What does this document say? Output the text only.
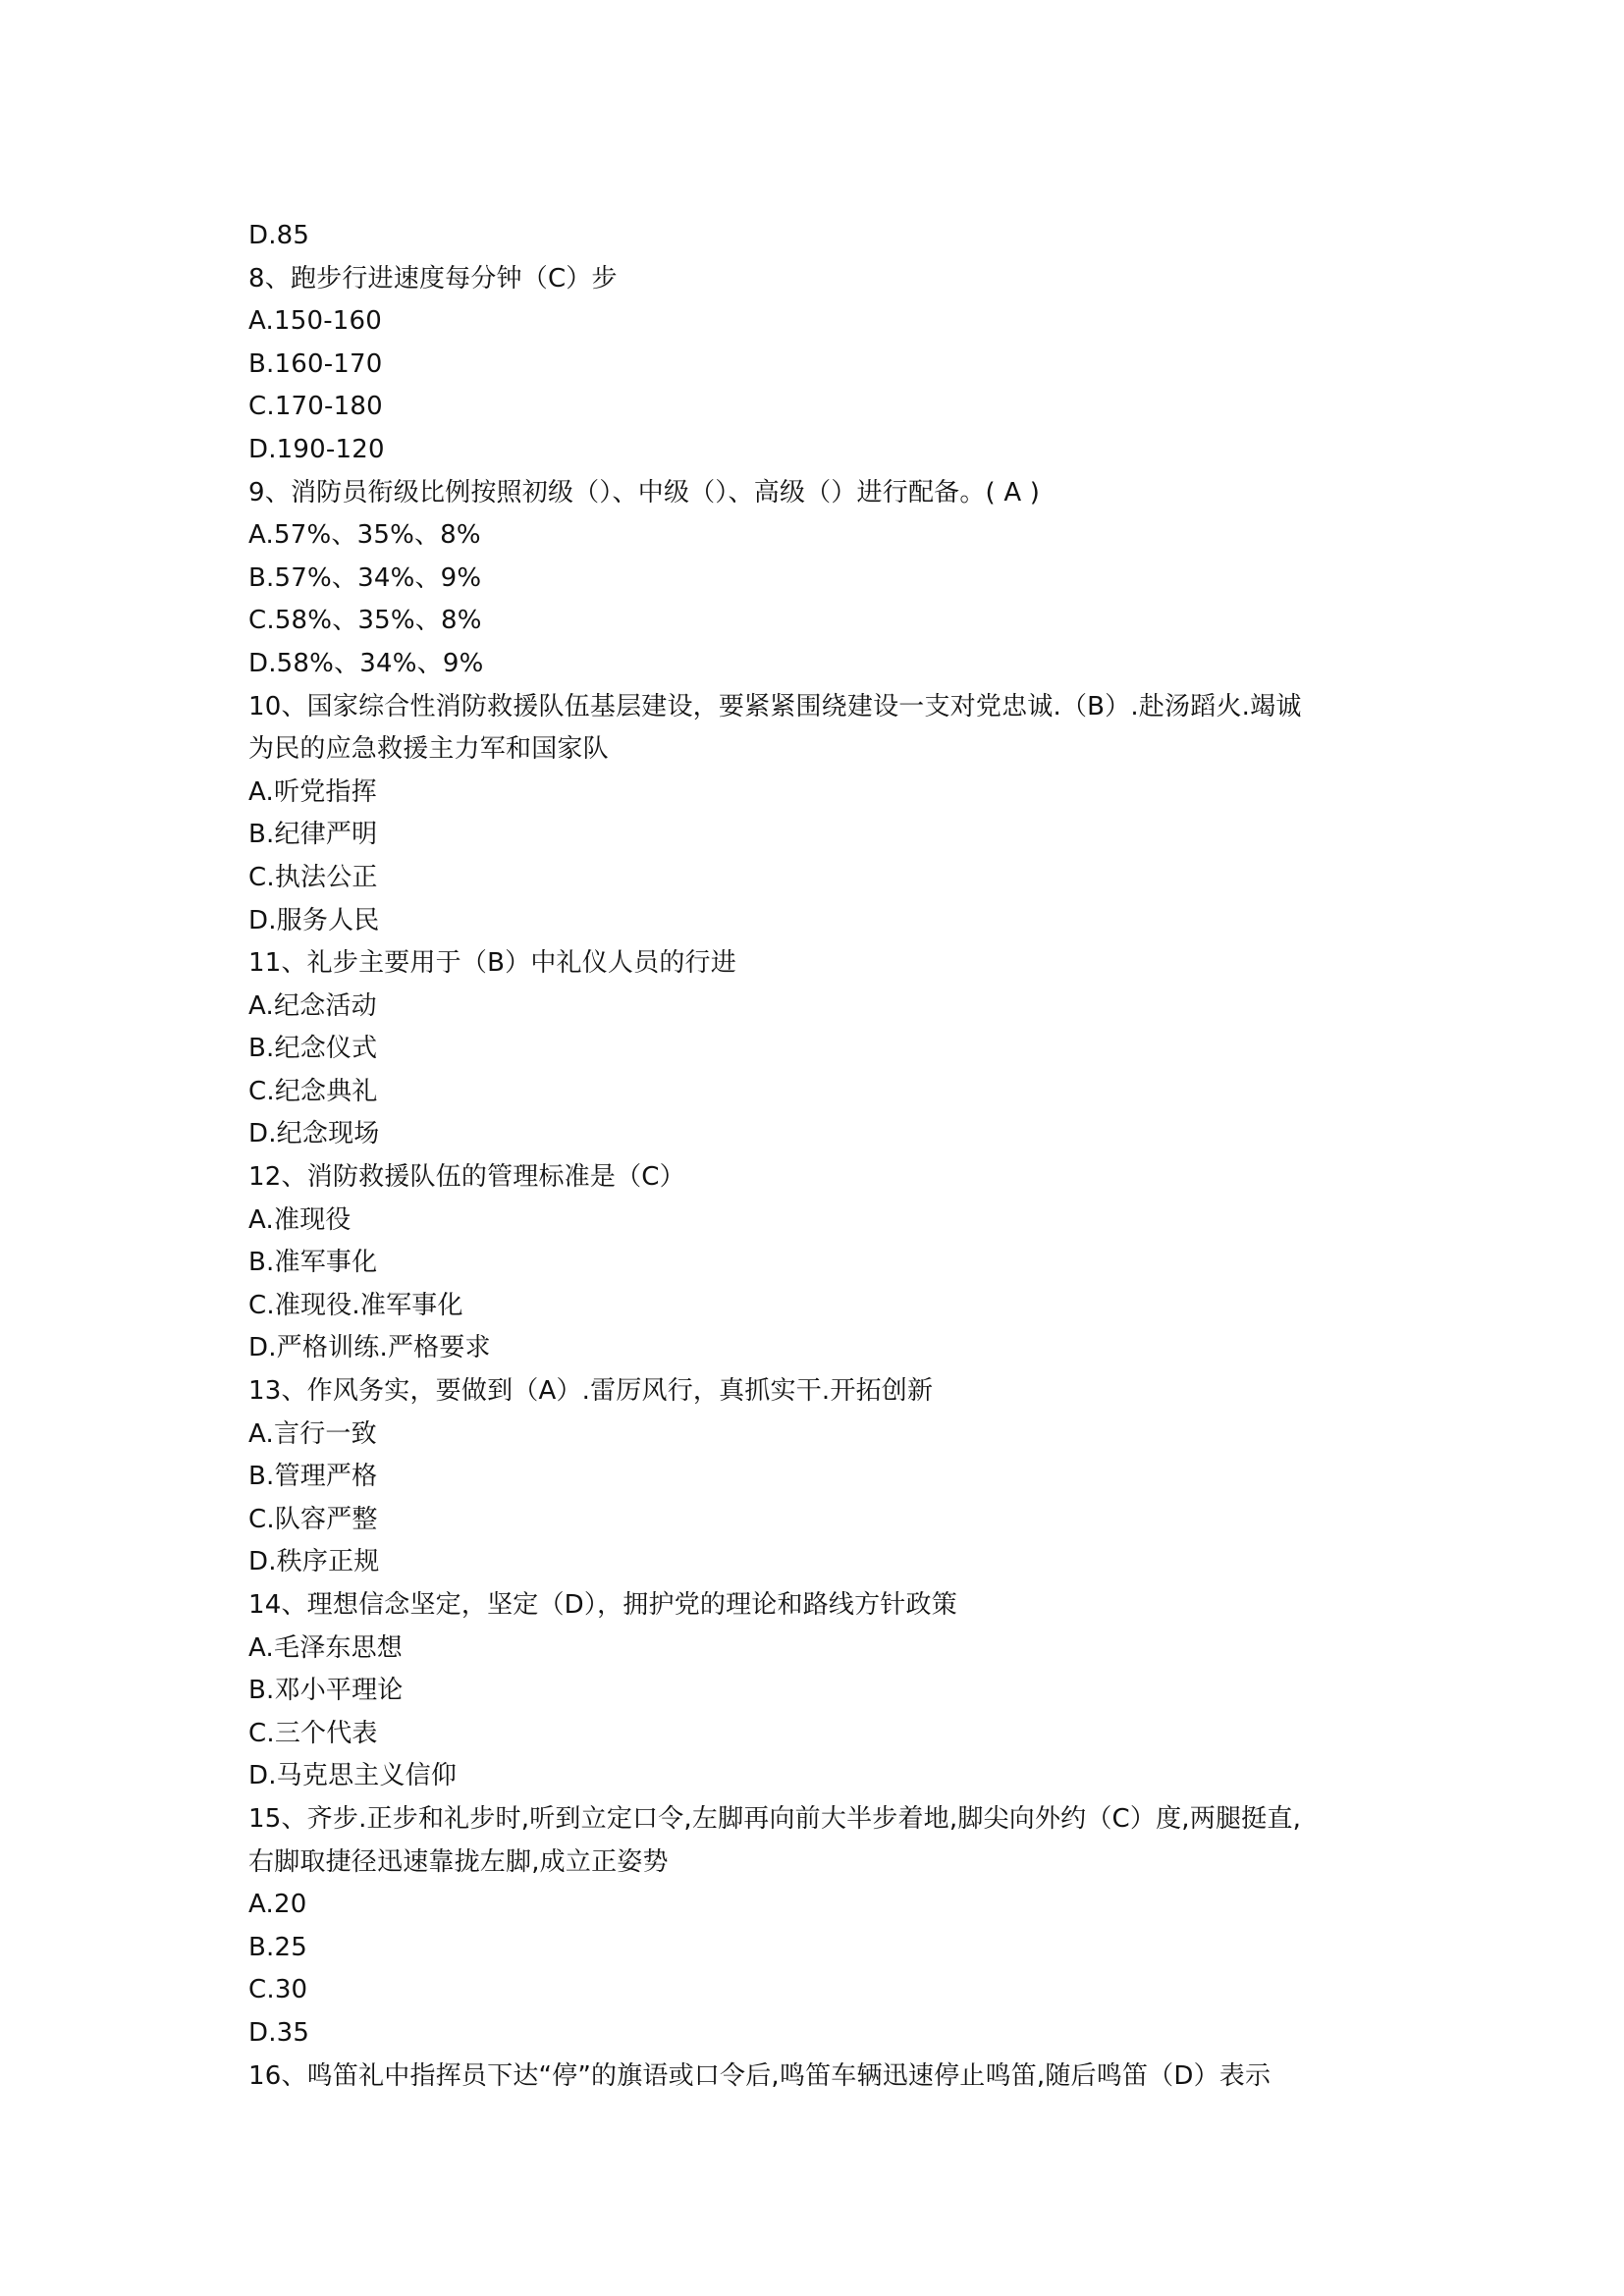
D.85
8、跑步行进速度每分钟（C）步
A.150-160
B.160-170
C.170-180
D.190-120
9、消防员衔级比例按照初级（）、中级（）、高级（）进行配备。( A )
A.57%、35%、8%
B.57%、34%、9%
C.58%、35%、8%
D.58%、34%、9%
10、国家综合性消防救援队伍基层建设，要紧紧围绕建设一支对党忠诚.（B）.赴汤蹈火.竭诚
为民的应急救援主力军和国家队
A.听党指挥
B.纪律严明
C.执法公正
D.服务人民
11、礼步主要用于（B）中礼仪人员的行进
A.纪念活动
B.纪念仪式
C.纪念典礼
D.纪念现场
12、消防救援队伍的管理标准是（C）
A.准现役
B.准军事化
C.准现役.准军事化
D.严格训练.严格要求
13、作风务实，要做到（A）.雷厉风行，真抓实干.开拓创新
A.言行一致
B.管理严格
C.队容严整
D.秩序正规
14、理想信念坚定，坚定（D），拥护党的理论和路线方针政策
A.毛泽东思想
B.邓小平理论
C.三个代表
D.马克思主义信仰
15、齐步.正步和礼步时,听到立定口令,左脚再向前大半步着地,脚尖向外约（C）度,两腿挺直,
右脚取捷径迅速靠拢左脚,成立正姿势
A.20
B.25
C.30
D.35
16、鸣笛礼中指挥员下达“停”的旗语或口令后,鸣笛车辆迅速停止鸣笛,随后鸣笛（D）表示
